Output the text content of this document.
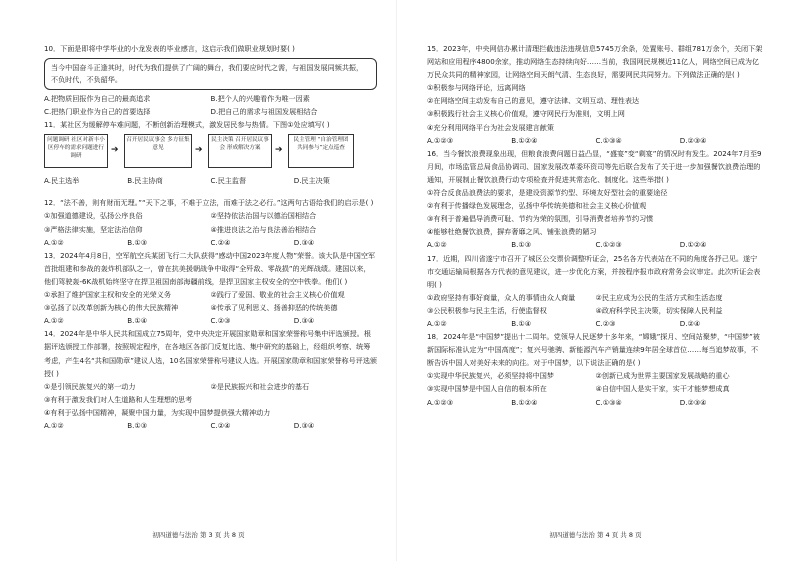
10．下面是即将中学毕业的小龙发表的毕业感言，这启示我们做职业规划时要( )

当今中国奋斗正逢其时，时代为我们提供了广阔的舞台，我们要应时代之需，与祖国发展同频共振，不负时代，不负韶华。
A.把物质回报作为自己的最高追求	B.把个人的兴趣看作为唯一因素
C.把热门职业作为自己的首要选择	D.把自己的需求与祖国发展相结合

11．某社区为缓解停车难问题，不断创新治理模式，激发居民参与热情。下图①处应填写( )

问题调研 社区对新丰小区停车的需求问题进行调研
➔
召开居民议事会 多方征集意见	➔
民主决策 召开居民议事会 形成解决方案	➔
民主管理 “自治管理团 共同参与”定点巡查
A.民主选举	B.民主协商	C.民主监督	D.民主决策

12．“法不善，则有财而无理。”“天下之事，不难于立法，而难于法之必行。”这两句古语给我们的启示是( )

①加强道德建设，弘扬公序良俗	②坚持依法治国与以德治国相结合
③严格法律实施，坚定法治信仰	④推进良法之治与良法善治相结合
A.①②	B.①③	C.②④	D.③④

13．2024年4月8日，空军航空兵某团飞行二大队获得“感动中国2023年度人物”荣誉。该大队是中国空军首批组建和参战的轰炸机部队之一，曾在抗美援朝战争中取得“全歼敌、零战损”的光辉战绩。建国以来，他们驾驶轰-6K战机始终坚守在捍卫祖国南部海疆前线，是捍卫国家主权安全的空中铁拳。他们( )

①承担了维护国家主权和安全的光荣义务	②践行了爱国、敬业的社会主义核心价值观
③弘扬了以改革创新为核心的伟大民族精神	④传承了见利思义、扬善抑恶的传统美德
A.①②	B.①④	C.②③	D.③④

14．2024年是中华人民共和国成立75周年，党中央决定开展国家勋章和国家荣誉称号集中评选颁授。根据评选颁授工作部署，按照规定程序，在各地区各部门反复比选、集中研究的基础上，经组织考察、统筹考虑，产生4名“共和国勋章”建议人选，10名国家荣誉称号建议人选。开展国家勋章和国家荣誉称号评选颁授( )

①是引领民族复兴的第一动力	②是民族振兴和社会进步的基石

③有利于激发我们对人生道路和人生理想的思考

④有利于弘扬中国精神，凝聚中国力量，为实现中国梦提供强大精神动力

A.①②	B.①③	C.②④	D.③④
初四道德与法治 第 3 页 共 8 页

15．2023年，中央网信办累计清理拦截违法违规信息5745万余条，处置账号、群组781万余个，关闭下架网站和应用程序4800余家，推动网络生态持续向好……当前，我国网民规模近11亿人，网络空间已成为亿万民众共同的精神家园，让网络空间天朗气清、生态良好，需要网民共同努力。下列做法正确的是( )

①积极参与网络评论，远离网络

②在网络空间主动发布自己的意见，遵守法律、文明互动、理性表达

③积极践行社会主义核心价值观，遵守网民行为准则，文明上网

④充分利用网络平台为社会发展建言献策

A.①②③	B.①②④	C.①③④	D.②③④

16．当今餐饮浪费现象出现，但粮食浪费问题日益凸显，“盛宴”变“剩宴”的情况时有发生。2024年7月至9月间，市场监管总局食品协调司、国家发展改革委环资司等先后联合发布了关于进一步加强餐饮浪费治理的通知，开展制止餐饮浪费行动专项检查并促进其常态化、制度化。这些举措( )

①符合反食品浪费法的要求，是建设资源节约型、环境友好型社会的重要途径

②有利于传播绿色发展理念，弘扬中华传统美德和社会主义核心价值观

③有利于普遍倡导消费可耻、节约为荣的氛围，引导消费者培养节约习惯

④能够杜绝餐饮浪费，摒弃奢靡之风、铺张浪费的陋习

A.①②	B.①③	C.①②③	D.①②④

17．近期，四川省遂宁市召开了城区公交票价调整听证会，25名各方代表站在不同的角度各抒己见。遂宁市交通运输局根据各方代表的意见建议，进一步优化方案，并按程序报市政府常务会议审定。此次听证会表明( )

①政府坚持有事好商量，众人的事情由众人商量	②民主应成为公民的生活方式和生活态度
③公民积极参与民主生活，行使监督权	④政府科学民主决策，切实保障人民利益
A.①②	B.①④	C.②③	D.②④

18．2024年是“中国梦”提出十二周年。党领导人民逐梦十多年来，“嫦娥”探月、空间站聚梦，“中国梦”被新国际标准认定为“中国高度”；复兴号驰骋、新能源汽车产销量连续9年居全球首位……每当追梦故事，不断告诉中国人对美好未来的向往。对于中国梦，以下说法正确的是( )

①实现中华民族复兴，必须坚持将中国梦	②创新已成为世界主要国家发展战略的重心
③实现中国梦是中国人自信的根本所在	④自信中国人是实干家，实干才能梦想成真
A.①②③	B.①②④	C.①③④	D.②③④
初四道德与法治 第 4 页 共 8 页
